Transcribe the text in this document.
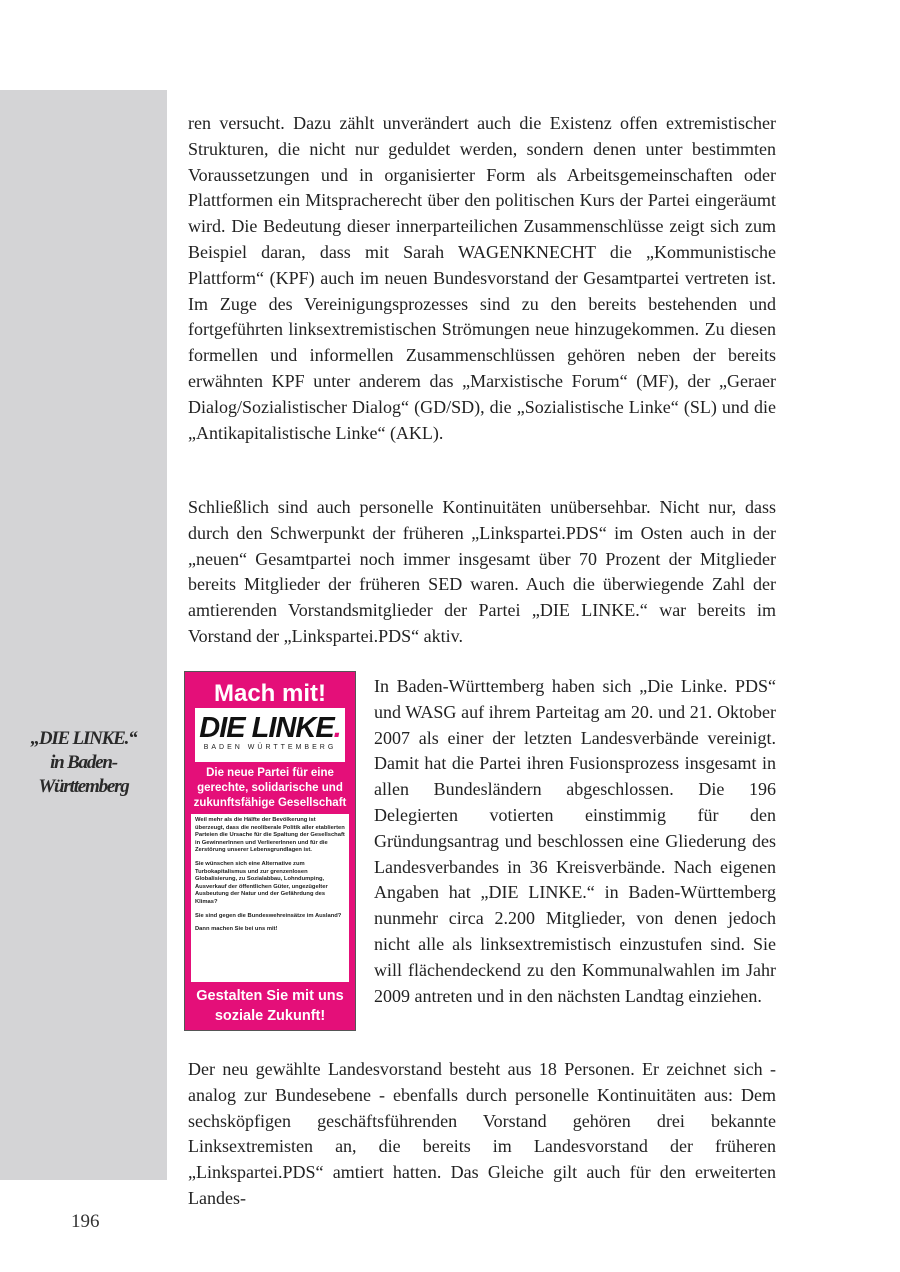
„DIE LINKE.“
in Baden-
Württemberg

ren versucht. Dazu zählt unverändert auch die Existenz offen extremistischer Strukturen, die nicht nur geduldet werden, sondern denen unter bestimmten Voraussetzungen und in organisierter Form als Arbeitsgemeinschaften oder Plattformen ein Mitspracherecht über den politischen Kurs der Partei eingeräumt wird. Die Bedeutung dieser innerparteilichen Zusammenschlüsse zeigt sich zum Beispiel daran, dass mit Sarah WAGENKNECHT die „Kommunistische Plattform“ (KPF) auch im neuen Bundesvorstand der Gesamtpartei vertreten ist. Im Zuge des Vereinigungsprozesses sind zu den bereits bestehenden und fortgeführten linksextremistischen Strömungen neue hinzugekommen. Zu diesen formellen und informellen Zusammenschlüssen gehören neben der bereits erwähnten KPF unter anderem das „Marxistische Forum“ (MF), der „Geraer Dialog/Sozialistischer Dialog“ (GD/SD), die „Sozialistische Linke“ (SL) und die „Antikapitalistische Linke“ (AKL).

Schließlich sind auch personelle Kontinuitäten unübersehbar. Nicht nur, dass durch den Schwerpunkt der früheren „Linkspartei.PDS“ im Osten auch in der „neuen“ Gesamtpartei noch immer insgesamt über 70 Prozent der Mitglieder bereits Mitglieder der früheren SED waren. Auch die überwiegende Zahl der amtierenden Vorstandsmitglieder der Partei „DIE LINKE.“ war bereits im Vorstand der „Linkspartei.PDS“ aktiv.

Mach mit!
DIE LINKE.
BADEN WÜRTTEMBERG
Die neue Partei für eine gerechte, solidarische und zukunftsfähige Gesellschaft

Weil mehr als die Hälfte der Bevölkerung ist überzeugt, dass die neoliberale Politik aller etablierten Parteien die Ursache für die Spaltung der Gesellschaft in GewinnerInnen und VerliererInnen und für die Zerstörung unserer Lebensgrundlagen ist.

Sie wünschen sich eine Alternative zum Turbokapitalismus und zur grenzenlosen Globalisierung, zu Sozialabbau, Lohndumping, Ausverkauf der öffentlichen Güter, ungezügelter Ausbeutung der Natur und der Gefährdung des Klimas?

Sie sind gegen die Bundeswehreinsätze im Ausland?

Dann machen Sie bei uns mit!

Gestalten Sie mit uns soziale Zukunft!

In Baden-Württemberg haben sich „Die Linke. PDS“ und WASG auf ihrem Parteitag am 20. und 21. Oktober 2007 als einer der letzten Landesverbände vereinigt. Damit hat die Partei ihren Fusionsprozess insgesamt in allen Bundesländern abgeschlossen. Die 196 Delegierten votierten einstimmig für den Gründungsantrag und beschlossen eine Gliederung des Landesverbandes in 36 Kreisverbände. Nach eigenen Angaben hat „DIE LINKE.“ in Baden-Württemberg nunmehr circa 2.200 Mitglieder, von denen jedoch nicht alle als linksextremistisch einzustufen sind. Sie will flächendeckend zu den Kommunalwahlen im Jahr 2009 antreten und in den nächsten Landtag einziehen.

Der neu gewählte Landesvorstand besteht aus 18 Personen. Er zeichnet sich - analog zur Bundesebene - ebenfalls durch personelle Kontinuitäten aus: Dem sechsköpfigen geschäftsführenden Vorstand gehören drei bekannte Linksextremisten an, die bereits im Landesvorstand der früheren „Linkspartei.PDS“ amtiert hatten. Das Gleiche gilt auch für den erweiterten Landes-

196
